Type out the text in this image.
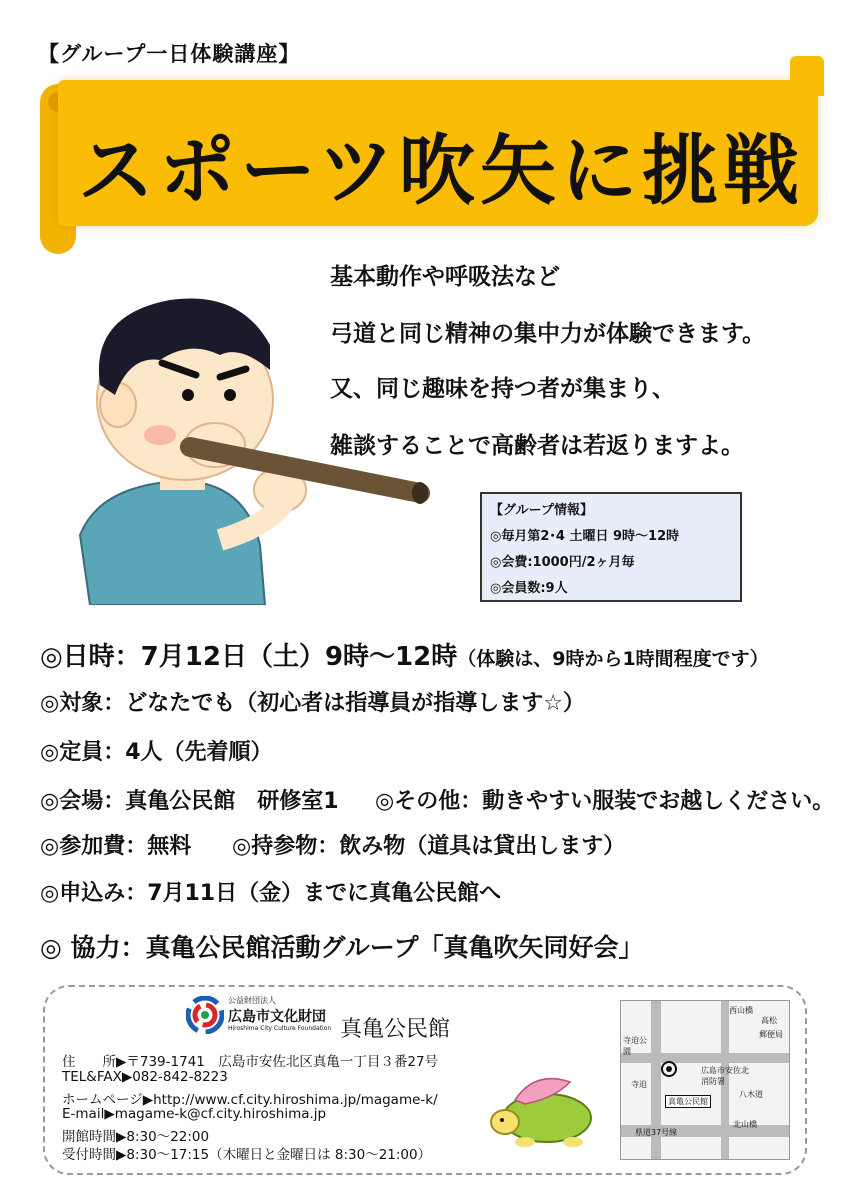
【グループ一日体験講座】
スポーツ吹矢に挑戦
基本動作や呼吸法など
弓道と同じ精神の集中力が体験できます。
又、同じ趣味を持つ者が集まり、
雑談することで高齢者は若返りますよ。
【グループ情報】
◎毎月第2･4 土曜日 9時～12時
◎会費:1000円/2ヶ月毎
◎会員数:9人
◎日時：7月12日（土）9時～12時（体験は、9時から1時間程度です）
◎対象：どなたでも（初心者は指導員が指導します☆）
◎定員：4人（先着順）
◎会場：真亀公民館　研修室1 ◎その他：動きやすい服装でお越しください。
◎参加費：無料 ◎持参物：飲み物（道具は貸出します）
◎申込み：7月11日（金）までに真亀公民館へ
◎ 協力：真亀公民館活動グループ「真亀吹矢同好会」
公益財団法人
広島市文化財団
Hiroshima City Culture Foundation 真亀公民館
住　　所▶〒739-1741　広島市安佐北区真亀一丁目３番27号
TEL&FAX▶082-842-8223
ホームページ▶http://www.cf.city.hiroshima.jp/magame-k/
E-mail▶magame-k@cf.city.hiroshima.jp
開館時間▶8:30～22:00
受付時間▶8:30～17:15（木曜日と金曜日は 8:30～21:00）
西山橋
高松
郵便局
寺迫公園
寺迫
広島市安佐北消防署
真亀公民館
県道37号線
北山橋
八木道
